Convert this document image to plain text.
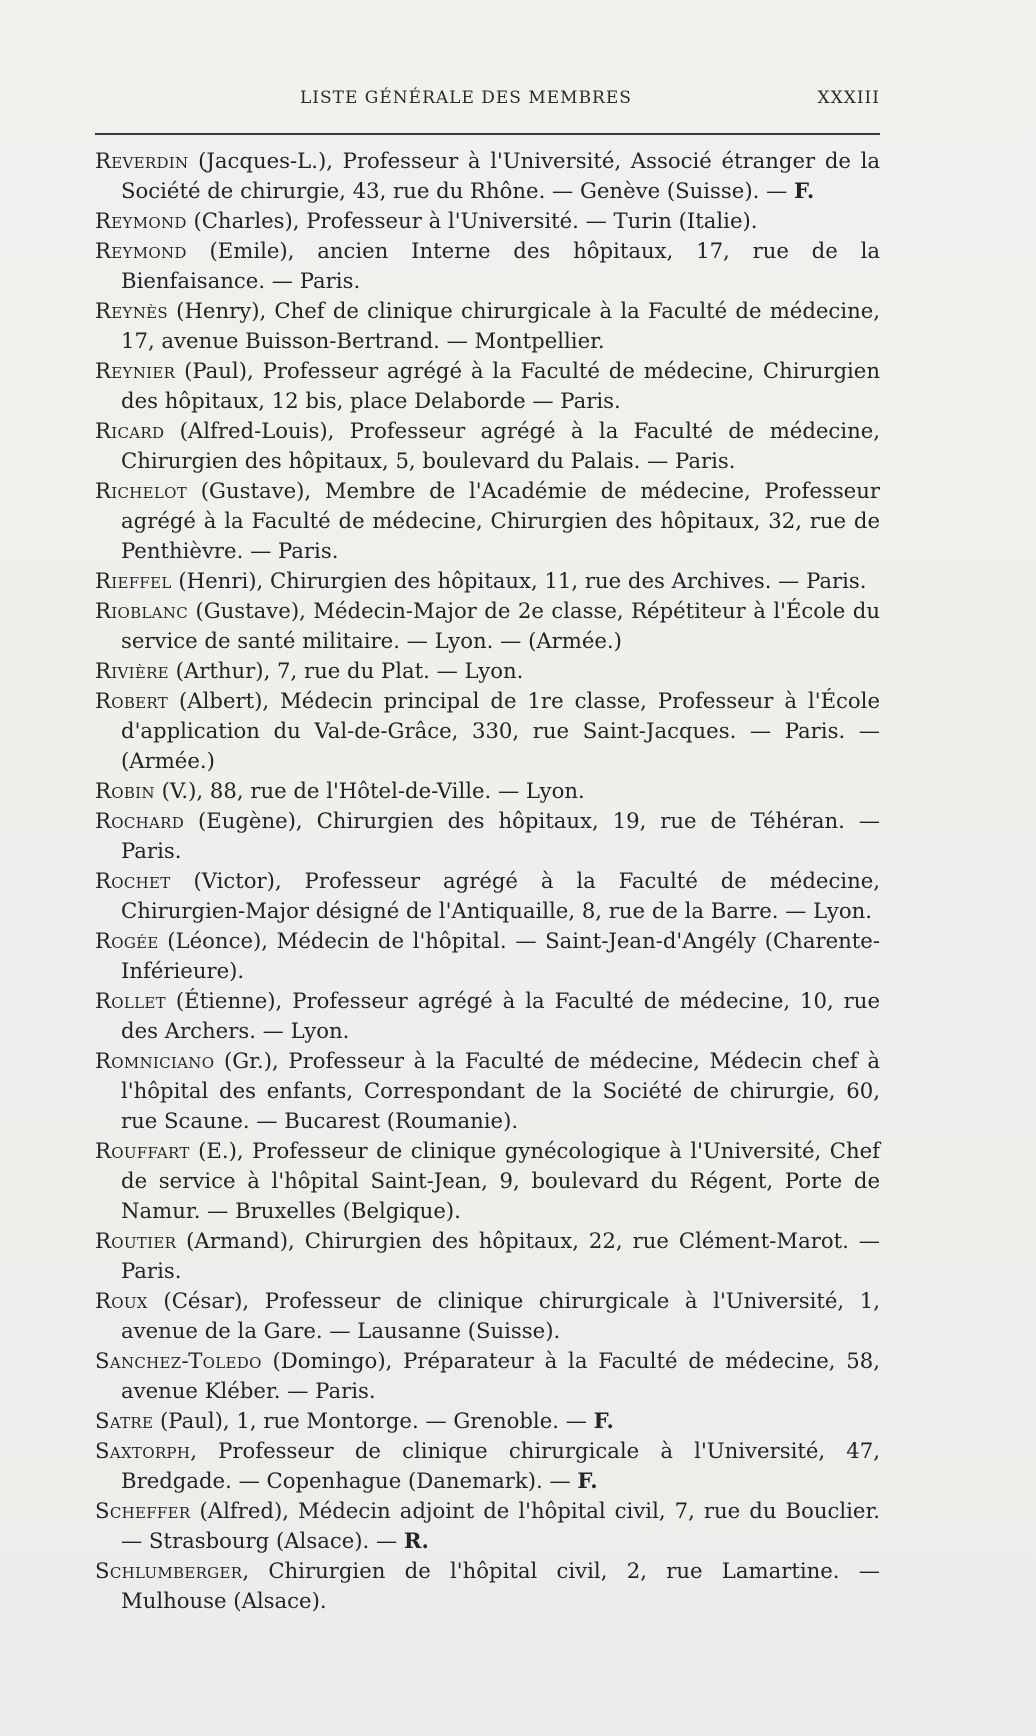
LISTE GÉNÉRALE DES MEMBRES	XXXIII
Reverdin (Jacques-L.), Professeur à l'Université, Associé étranger de la Société de chirurgie, 43, rue du Rhône. — Genève (Suisse). — F.
Reymond (Charles), Professeur à l'Université. — Turin (Italie).
Reymond (Emile), ancien Interne des hôpitaux, 17, rue de la Bienfaisance. — Paris.
Reynès (Henry), Chef de clinique chirurgicale à la Faculté de médecine, 17, avenue Buisson-Bertrand. — Montpellier.
Reynier (Paul), Professeur agrégé à la Faculté de médecine, Chirurgien des hôpitaux, 12 bis, place Delaborde — Paris.
Ricard (Alfred-Louis), Professeur agrégé à la Faculté de médecine, Chirurgien des hôpitaux, 5, boulevard du Palais. — Paris.
Richelot (Gustave), Membre de l'Académie de médecine, Professeur agrégé à la Faculté de médecine, Chirurgien des hôpitaux, 32, rue de Penthièvre. — Paris.
Rieffel (Henri), Chirurgien des hôpitaux, 11, rue des Archives. — Paris.
Rioblanc (Gustave), Médecin-Major de 2e classe, Répétiteur à l'École du service de santé militaire. — Lyon. — (Armée.)
Rivière (Arthur), 7, rue du Plat. — Lyon.
Robert (Albert), Médecin principal de 1re classe, Professeur à l'École d'application du Val-de-Grâce, 330, rue Saint-Jacques. — Paris. — (Armée.)
Robin (V.), 88, rue de l'Hôtel-de-Ville. — Lyon.
Rochard (Eugène), Chirurgien des hôpitaux, 19, rue de Téhéran. — Paris.
Rochet (Victor), Professeur agrégé à la Faculté de médecine, Chirurgien-Major désigné de l'Antiquaille, 8, rue de la Barre. — Lyon.
Rogée (Léonce), Médecin de l'hôpital. — Saint-Jean-d'Angély (Charente-Inférieure).
Rollet (Étienne), Professeur agrégé à la Faculté de médecine, 10, rue des Archers. — Lyon.
Romniciano (Gr.), Professeur à la Faculté de médecine, Médecin chef à l'hôpital des enfants, Correspondant de la Société de chirurgie, 60, rue Scaune. — Bucarest (Roumanie).
Rouffart (E.), Professeur de clinique gynécologique à l'Université, Chef de service à l'hôpital Saint-Jean, 9, boulevard du Régent, Porte de Namur. — Bruxelles (Belgique).
Routier (Armand), Chirurgien des hôpitaux, 22, rue Clément-Marot. — Paris.
Roux (César), Professeur de clinique chirurgicale à l'Université, 1, avenue de la Gare. — Lausanne (Suisse).
Sanchez-Toledo (Domingo), Préparateur à la Faculté de médecine, 58, avenue Kléber. — Paris.
Satre (Paul), 1, rue Montorge. — Grenoble. — F.
Saxtorph, Professeur de clinique chirurgicale à l'Université, 47, Bredgade. — Copenhague (Danemark). — F.
Scheffer (Alfred), Médecin adjoint de l'hôpital civil, 7, rue du Bouclier. — Strasbourg (Alsace). — R.
Schlumberger, Chirurgien de l'hôpital civil, 2, rue Lamartine. — Mulhouse (Alsace).
